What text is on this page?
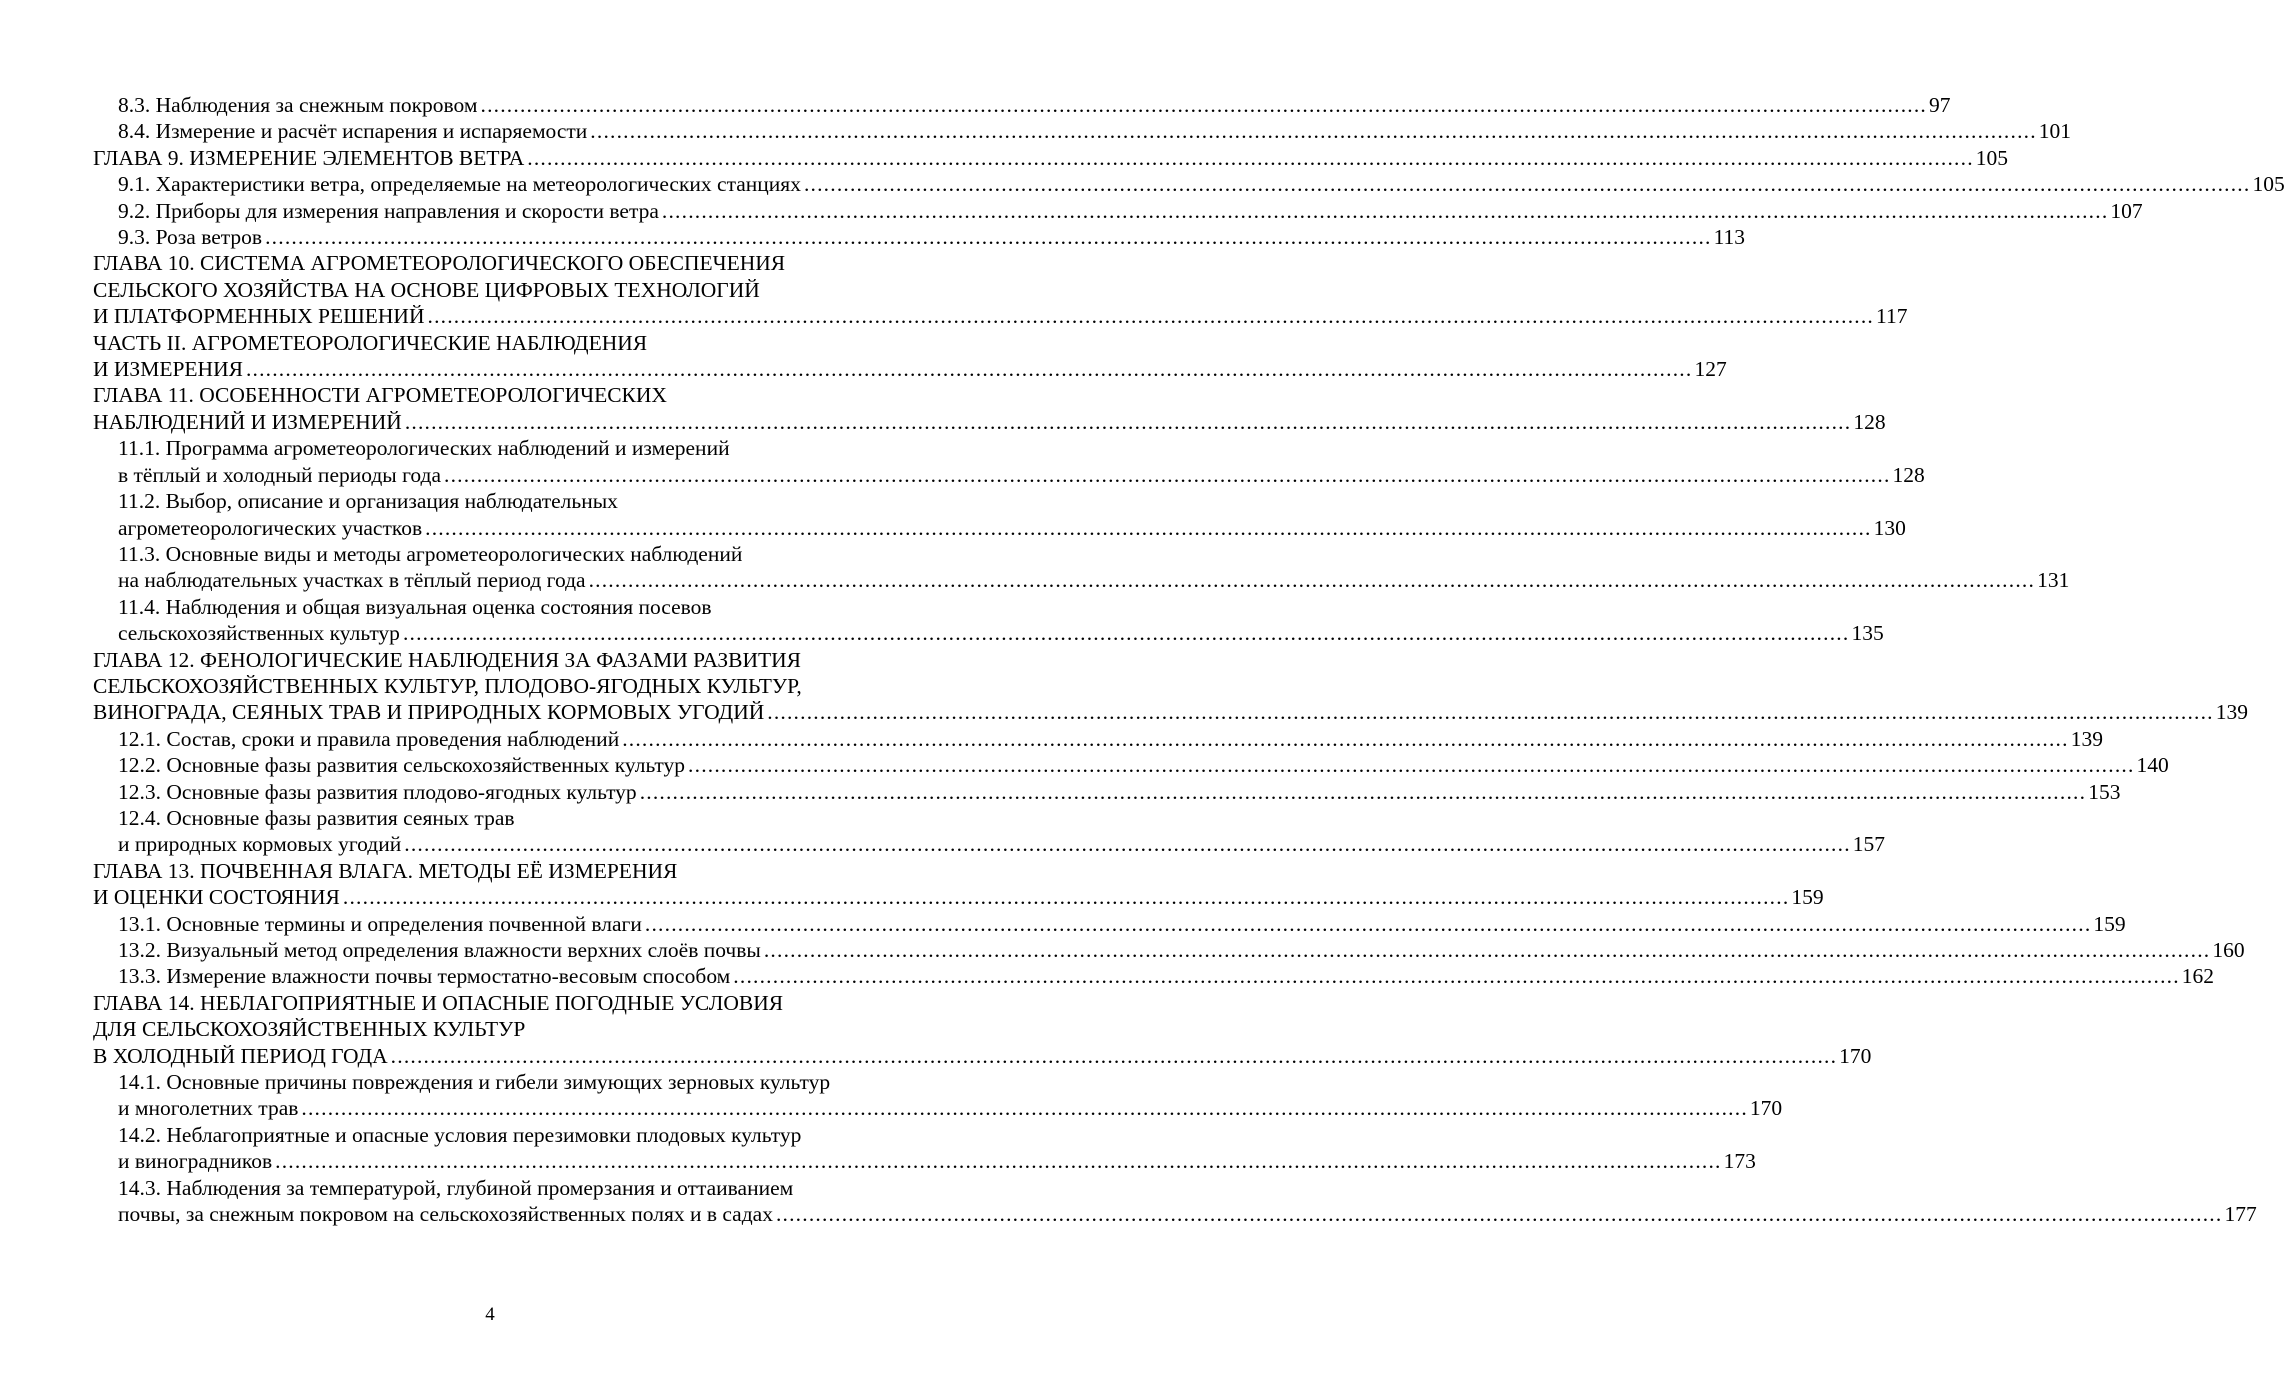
8.3. Наблюдения за снежным покровом ............................................................................................................................................................................................................................ 97
8.4. Измерение и расчёт испарения и испаряемости ............................................................................................................................................................................................................................ 101
ГЛАВА 9. ИЗМЕРЕНИЕ ЭЛЕМЕНТОВ ВЕТРА ............................................................................................................................................................................................................................ 105
9.1. Характеристики ветра, определяемые на метеорологических станциях ............................................................................................................................................................................................................................ 105
9.2. Приборы для измерения направления и скорости ветра ............................................................................................................................................................................................................................ 107
9.3. Роза ветров ............................................................................................................................................................................................................................ 113
ГЛАВА 10. СИСТЕМА АГРОМЕТЕОРОЛОГИЧЕСКОГО ОБЕСПЕЧЕНИЯ
СЕЛЬСКОГО ХОЗЯЙСТВА НА ОСНОВЕ ЦИФРОВЫХ ТЕХНОЛОГИЙ
И ПЛАТФОРМЕННЫХ РЕШЕНИЙ ............................................................................................................................................................................................................................ 117
ЧАСТЬ II. АГРОМЕТЕОРОЛОГИЧЕСКИЕ НАБЛЮДЕНИЯ
И ИЗМЕРЕНИЯ ............................................................................................................................................................................................................................ 127
ГЛАВА 11. ОСОБЕННОСТИ АГРОМЕТЕОРОЛОГИЧЕСКИХ
НАБЛЮДЕНИЙ И ИЗМЕРЕНИЙ ............................................................................................................................................................................................................................ 128
11.1. Программа агрометеорологических наблюдений и измерений
в тёплый и холодный периоды года ............................................................................................................................................................................................................................ 128
11.2. Выбор, описание и организация наблюдательных
агрометеорологических участков ............................................................................................................................................................................................................................ 130
11.3. Основные виды и методы агрометеорологических наблюдений
на наблюдательных участках в тёплый период года ............................................................................................................................................................................................................................ 131
11.4. Наблюдения и общая визуальная оценка состояния посевов
сельскохозяйственных культур ............................................................................................................................................................................................................................ 135
ГЛАВА 12. ФЕНОЛОГИЧЕСКИЕ НАБЛЮДЕНИЯ ЗА ФАЗАМИ РАЗВИТИЯ
СЕЛЬСКОХОЗЯЙСТВЕННЫХ КУЛЬТУР, ПЛОДОВО-ЯГОДНЫХ КУЛЬТУР,
ВИНОГРАДА, СЕЯНЫХ ТРАВ И ПРИРОДНЫХ КОРМОВЫХ УГОДИЙ ............................................................................................................................................................................................................................ 139
12.1. Состав, сроки и правила проведения наблюдений ............................................................................................................................................................................................................................ 139
12.2. Основные фазы развития сельскохозяйственных культур ............................................................................................................................................................................................................................ 140
12.3. Основные фазы развития плодово-ягодных культур ............................................................................................................................................................................................................................ 153
12.4. Основные фазы развития сеяных трав
и природных кормовых угодий ............................................................................................................................................................................................................................ 157
ГЛАВА 13. ПОЧВЕННАЯ ВЛАГА. МЕТОДЫ ЕЁ ИЗМЕРЕНИЯ
И ОЦЕНКИ СОСТОЯНИЯ ............................................................................................................................................................................................................................ 159
13.1. Основные термины и определения почвенной влаги ............................................................................................................................................................................................................................ 159
13.2. Визуальный метод определения влажности верхних слоёв почвы ............................................................................................................................................................................................................................ 160
13.3. Измерение влажности почвы термостатно-весовым способом ............................................................................................................................................................................................................................ 162
ГЛАВА 14. НЕБЛАГОПРИЯТНЫЕ И ОПАСНЫЕ ПОГОДНЫЕ УСЛОВИЯ
ДЛЯ СЕЛЬСКОХОЗЯЙСТВЕННЫХ КУЛЬТУР
В ХОЛОДНЫЙ ПЕРИОД ГОДА ............................................................................................................................................................................................................................ 170
14.1. Основные причины повреждения и гибели зимующих зерновых культур
и многолетних трав ............................................................................................................................................................................................................................ 170
14.2. Неблагоприятные и опасные условия перезимовки плодовых культур
и виноградников ............................................................................................................................................................................................................................ 173
14.3. Наблюдения за температурой, глубиной промерзания и оттаиванием
почвы, за снежным покровом на сельскохозяйственных полях и в садах ............................................................................................................................................................................................................................ 177
4
